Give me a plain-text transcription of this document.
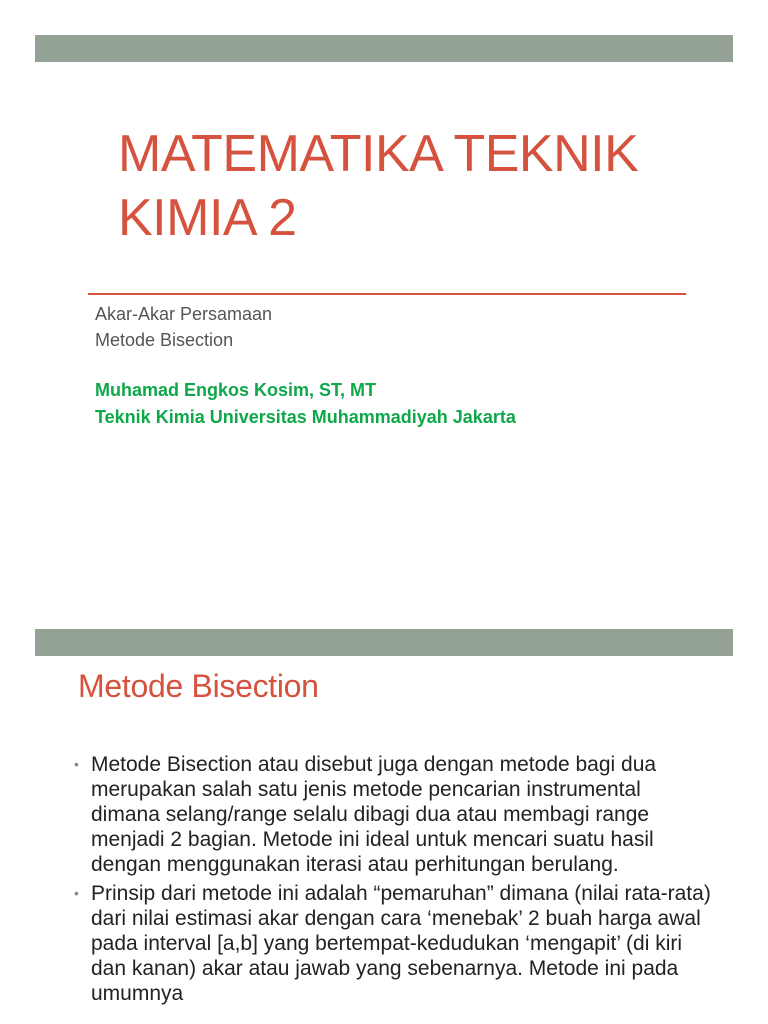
MATEMATIKA TEKNIK
KIMIA 2
Akar-Akar Persamaan
Metode Bisection
Muhamad Engkos Kosim, ST, MT
Teknik Kimia Universitas Muhammadiyah Jakarta
Metode Bisection
• Metode Bisection atau disebut juga dengan metode bagi dua merupakan salah satu jenis metode pencarian instrumental dimana selang/range selalu dibagi dua atau membagi range menjadi 2 bagian. Metode ini ideal untuk mencari suatu hasil dengan menggunakan iterasi atau perhitungan berulang.
• Prinsip dari metode ini adalah “pemaruhan” dimana (nilai rata-rata) dari nilai estimasi akar dengan cara ‘menebak’ 2 buah harga awal pada interval [a,b] yang bertempat-kedudukan ‘mengapit’ (di kiri dan kanan) akar atau jawab yang sebenarnya. Metode ini pada umumnya
